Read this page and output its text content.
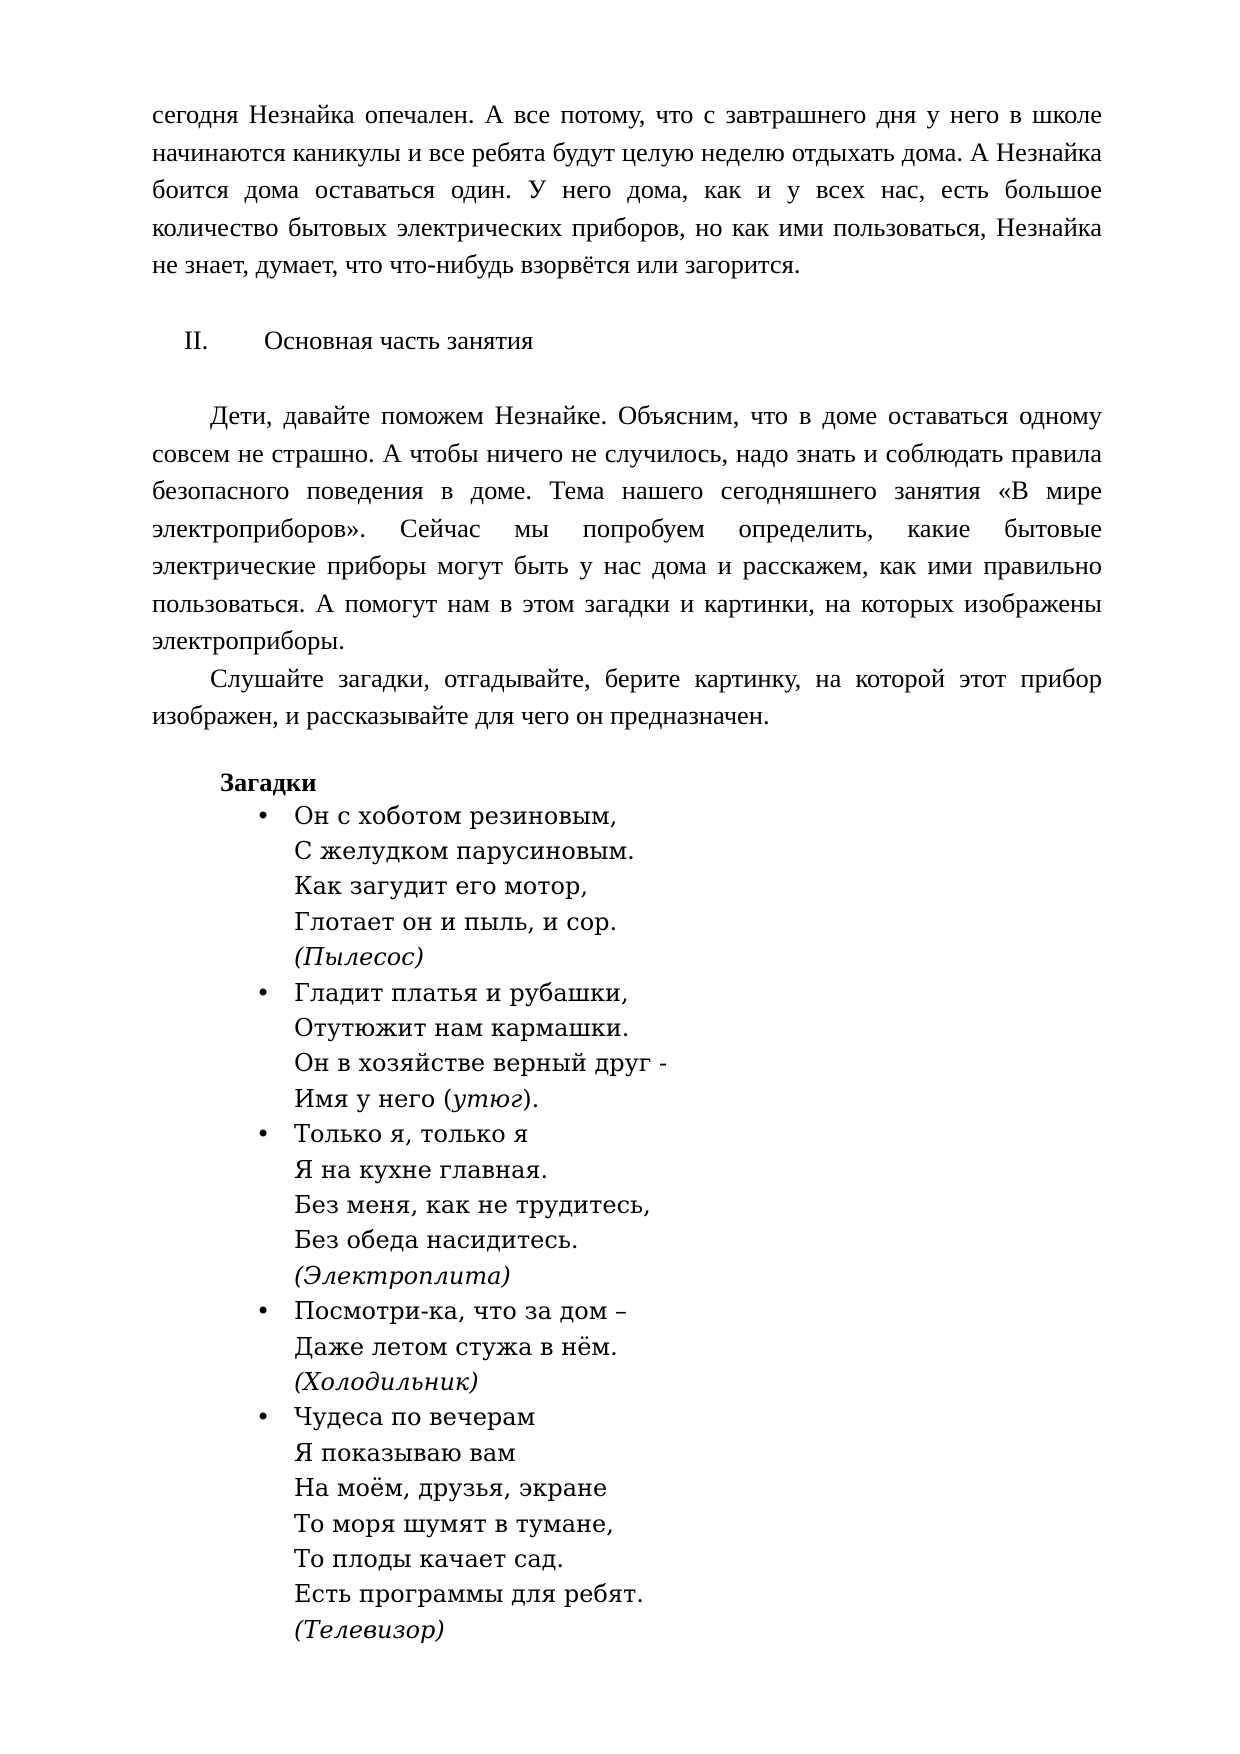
сегодня Незнайка опечален. А все потому, что с завтрашнего дня у него в школе начинаются каникулы и все ребята будут целую неделю отдыхать дома. А Незнайка боится дома оставаться один. У него дома, как и у всех нас, есть большое количество бытовых электрических приборов, но как ими пользоваться, Незнайка не знает, думает, что что-нибудь взорвётся или загорится.

II.	Основная часть занятия

Дети, давайте поможем Незнайке. Объясним, что в доме оставаться одному совсем не страшно. А чтобы ничего не случилось, надо знать и соблюдать правила безопасного поведения в доме. Тема нашего сегодняшнего занятия «В мире электроприборов». Сейчас мы попробуем определить, какие бытовые электрические приборы могут быть у нас дома и расскажем, как ими правильно пользоваться. А помогут нам в этом загадки и картинки, на которых изображены электроприборы.

Слушайте загадки, отгадывайте, берите картинку, на которой этот прибор изображен, и рассказывайте для чего он предназначен.

Загадки

• Он с хоботом резиновым,
С желудком парусиновым.
Как загудит его мотор,
Глотает он и пыль, и сор.
(Пылесос)
• Гладит платья и рубашки,
Отутюжит нам кармашки.
Он в хозяйстве верный друг -
Имя у него (утюг).
• Только я, только я
Я на кухне главная.
Без меня, как не трудитесь,
Без обеда насидитесь.
(Электроплита)
• Посмотри-ка, что за дом –
Даже летом стужа в нём.
(Холодильник)
• Чудеса по вечерам
Я показываю вам
На моём, друзья, экране
То моря шумят в тумане,
То плоды качает сад.
Есть программы для ребят.
(Телевизор)
